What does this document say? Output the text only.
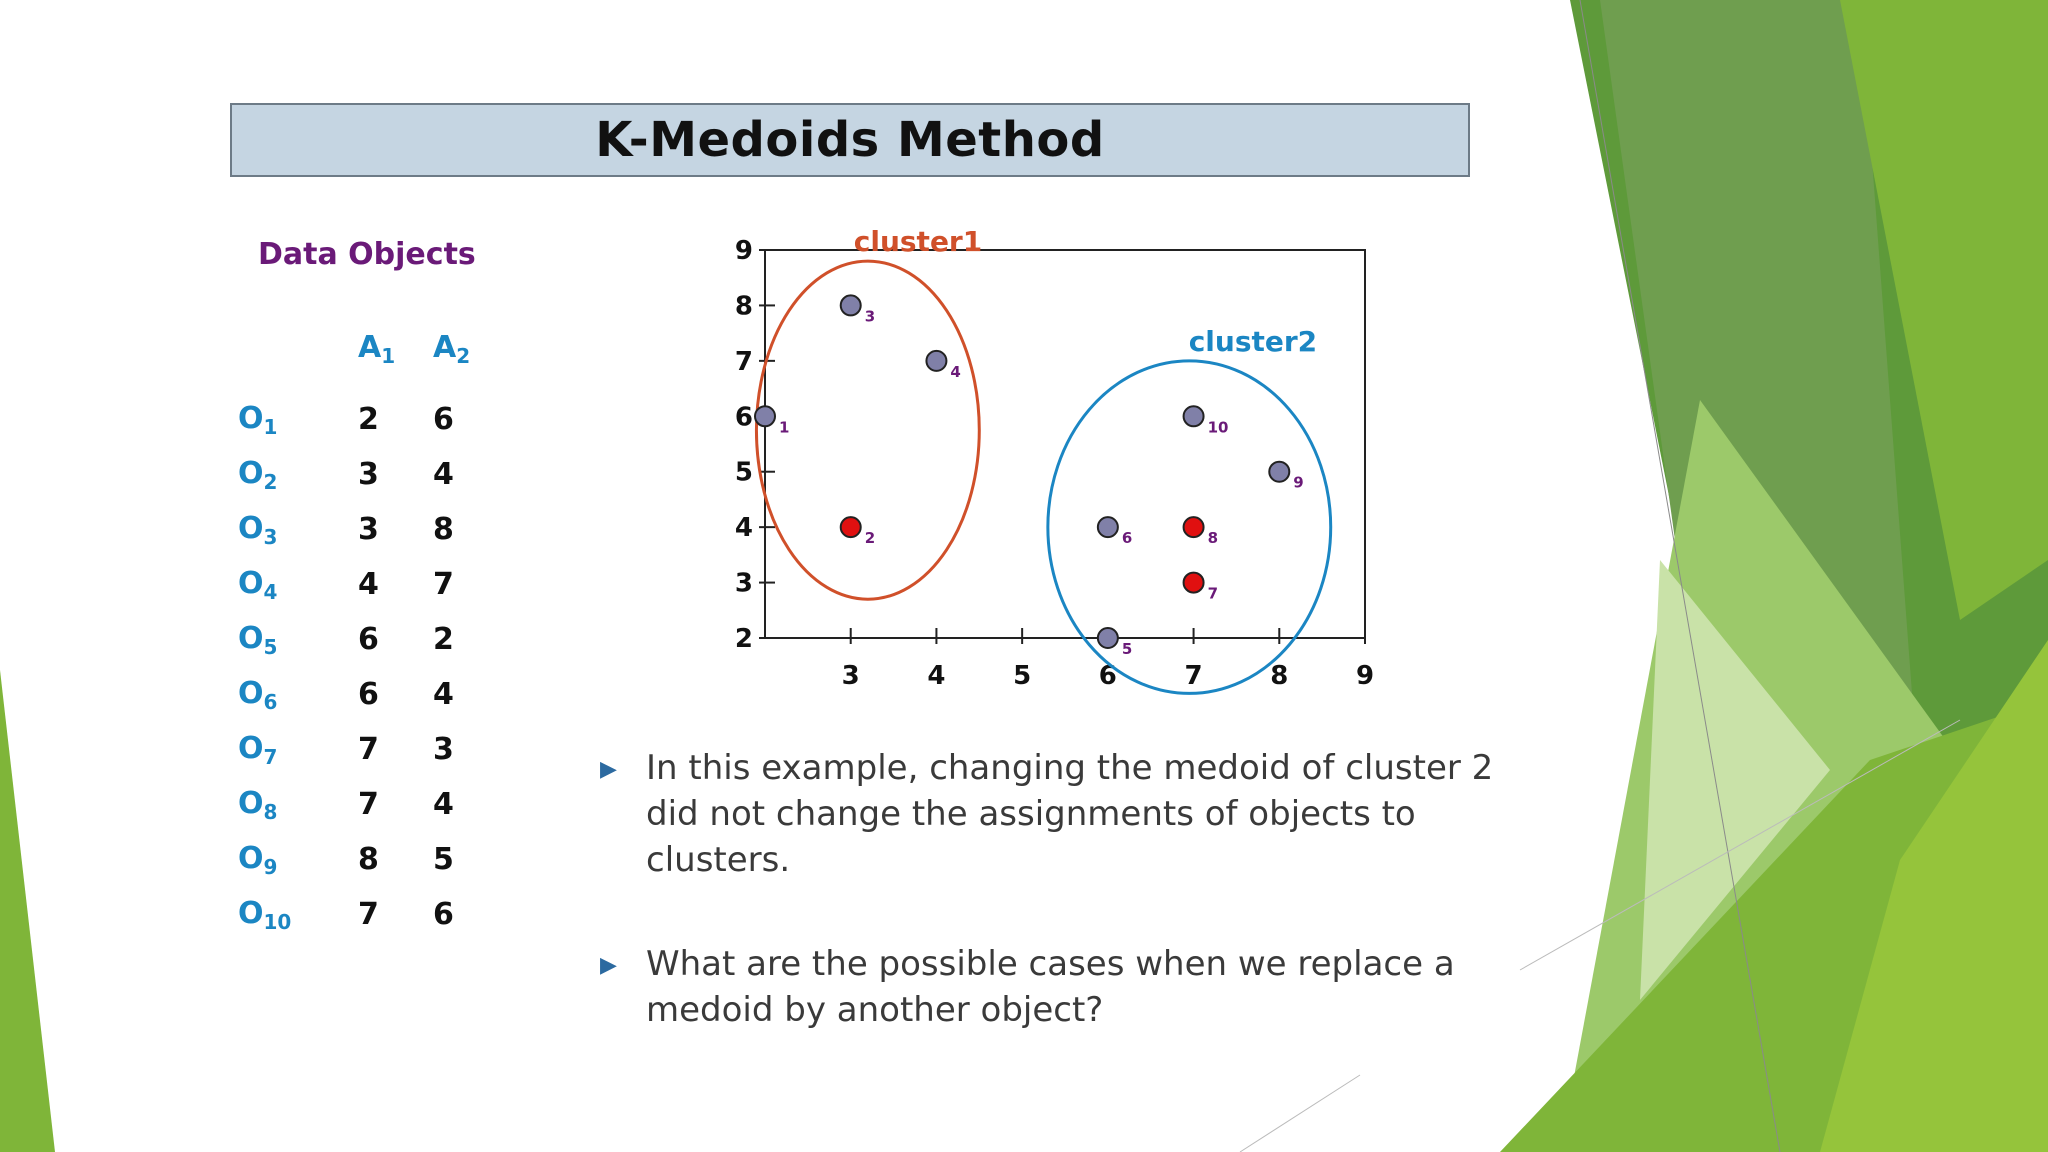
K-Medoids Method
Data Objects
	$A_1$	$A_2$
$O_1$	2	6
$O_2$	3	4
$O_3$	3	8
$O_4$	4	7
$O_5$	6	2
$O_6$	6	4
$O_7$	7	3
$O_8$	7	4
$O_9$	8	5
$O_{10}$	7	6
3	4	5	6	7	8	9
2
3
4
5
6
7
8
9	cluster1
cluster2
1
2
3
4
5
6
7
8
9
10
▶ In this example, changing the medoid of cluster 2 did not change the assignments of objects to clusters.
▶ What are the possible cases when we replace a medoid by another object?
